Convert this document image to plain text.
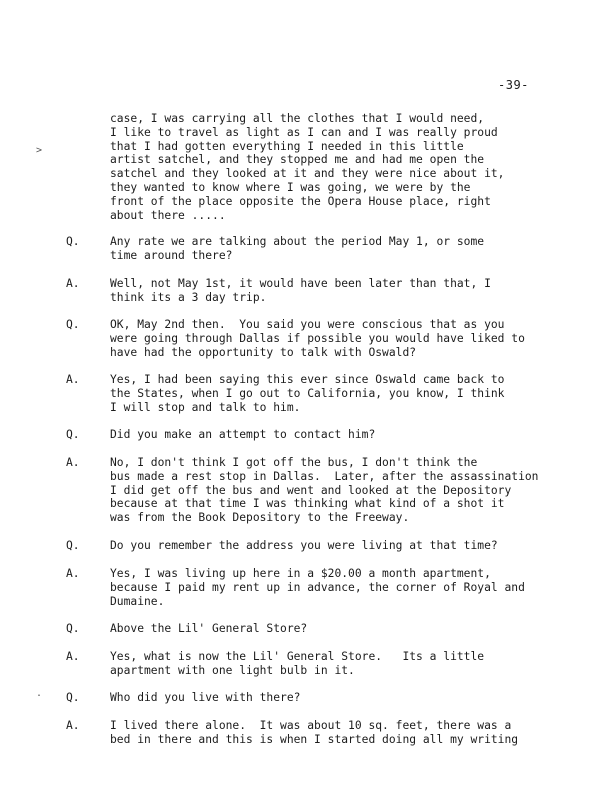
-39-
>
.
case, I was carrying all the clothes that I would need,
I like to travel as light as I can and I was really proud
that I had gotten everything I needed in this little
artist satchel, and they stopped me and had me open the
satchel and they looked at it and they were nice about it,
they wanted to know where I was going, we were by the
front of the place opposite the Opera House place, right
about there .....
Q.	Any rate we are talking about the period May 1, or some
time around there?
A.	Well, not May 1st, it would have been later than that, I
think its a 3 day trip.
Q.	OK, May 2nd then.  You said you were conscious that as you
were going through Dallas if possible you would have liked to
have had the opportunity to talk with Oswald?
A.	Yes, I had been saying this ever since Oswald came back to
the States, when I go out to California, you know, I think
I will stop and talk to him.
Q.	Did you make an attempt to contact him?
A.	No, I don't think I got off the bus, I don't think the
bus made a rest stop in Dallas.  Later, after the assassination
I did get off the bus and went and looked at the Depository
because at that time I was thinking what kind of a shot it
was from the Book Depository to the Freeway.
Q.	Do you remember the address you were living at that time?
A.	Yes, I was living up here in a $20.00 a month apartment,
because I paid my rent up in advance, the corner of Royal and
Dumaine.
Q.	Above the Lil' General Store?
A.	Yes, what is now the Lil' General Store.   Its a little
apartment with one light bulb in it.
Q.	Who did you live with there?
A.	I lived there alone.  It was about 10 sq. feet, there was a
bed in there and this is when I started doing all my writing
